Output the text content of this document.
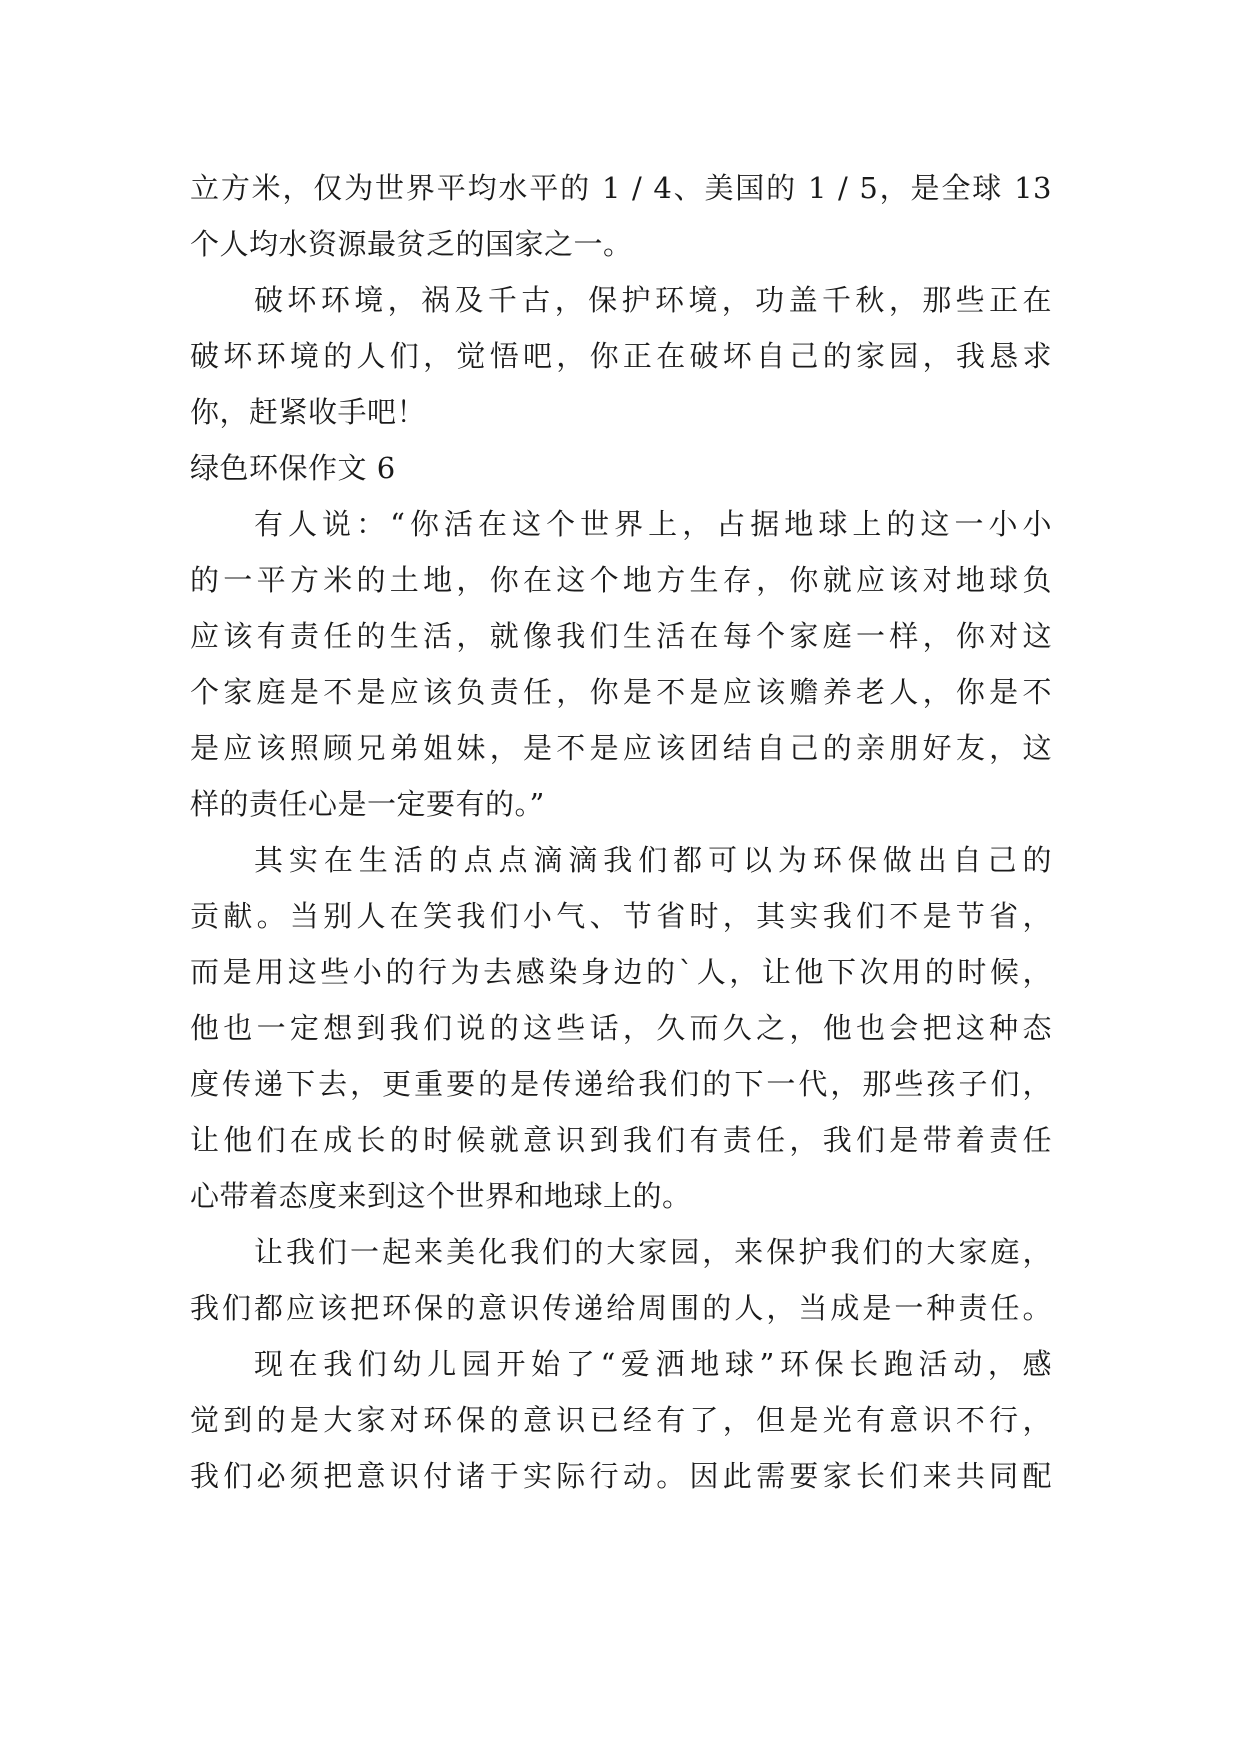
立方米，仅为世界平均水平的 1 / 4、美国的 1 / 5，是全球 13
个人均水资源最贫乏的国家之一。
破坏环境，祸及千古，保护环境，功盖千秋，那些正在
破坏环境的人们，觉悟吧，你正在破坏自己的家园，我恳求
你，赶紧收手吧！
绿色环保作文 6
有人说：“你活在这个世界上，占据地球上的这一小小
的一平方米的土地，你在这个地方生存，你就应该对地球负
应该有责任的生活，就像我们生活在每个家庭一样，你对这
个家庭是不是应该负责任，你是不是应该赡养老人，你是不
是应该照顾兄弟姐妹，是不是应该团结自己的亲朋好友，这
样的责任心是一定要有的。”
其实在生活的点点滴滴我们都可以为环保做出自己的
贡献。当别人在笑我们小气、节省时，其实我们不是节省，
而是用这些小的行为去感染身边的`人，让他下次用的时候，
他也一定想到我们说的这些话，久而久之，他也会把这种态
度传递下去，更重要的是传递给我们的下一代，那些孩子们，
让他们在成长的时候就意识到我们有责任，我们是带着责任
心带着态度来到这个世界和地球上的。
让我们一起来美化我们的大家园，来保护我们的大家庭，
我们都应该把环保的意识传递给周围的人，当成是一种责任。
现在我们幼儿园开始了“爱洒地球”环保长跑活动，感
觉到的是大家对环保的意识已经有了，但是光有意识不行，
我们必须把意识付诸于实际行动。因此需要家长们来共同配
